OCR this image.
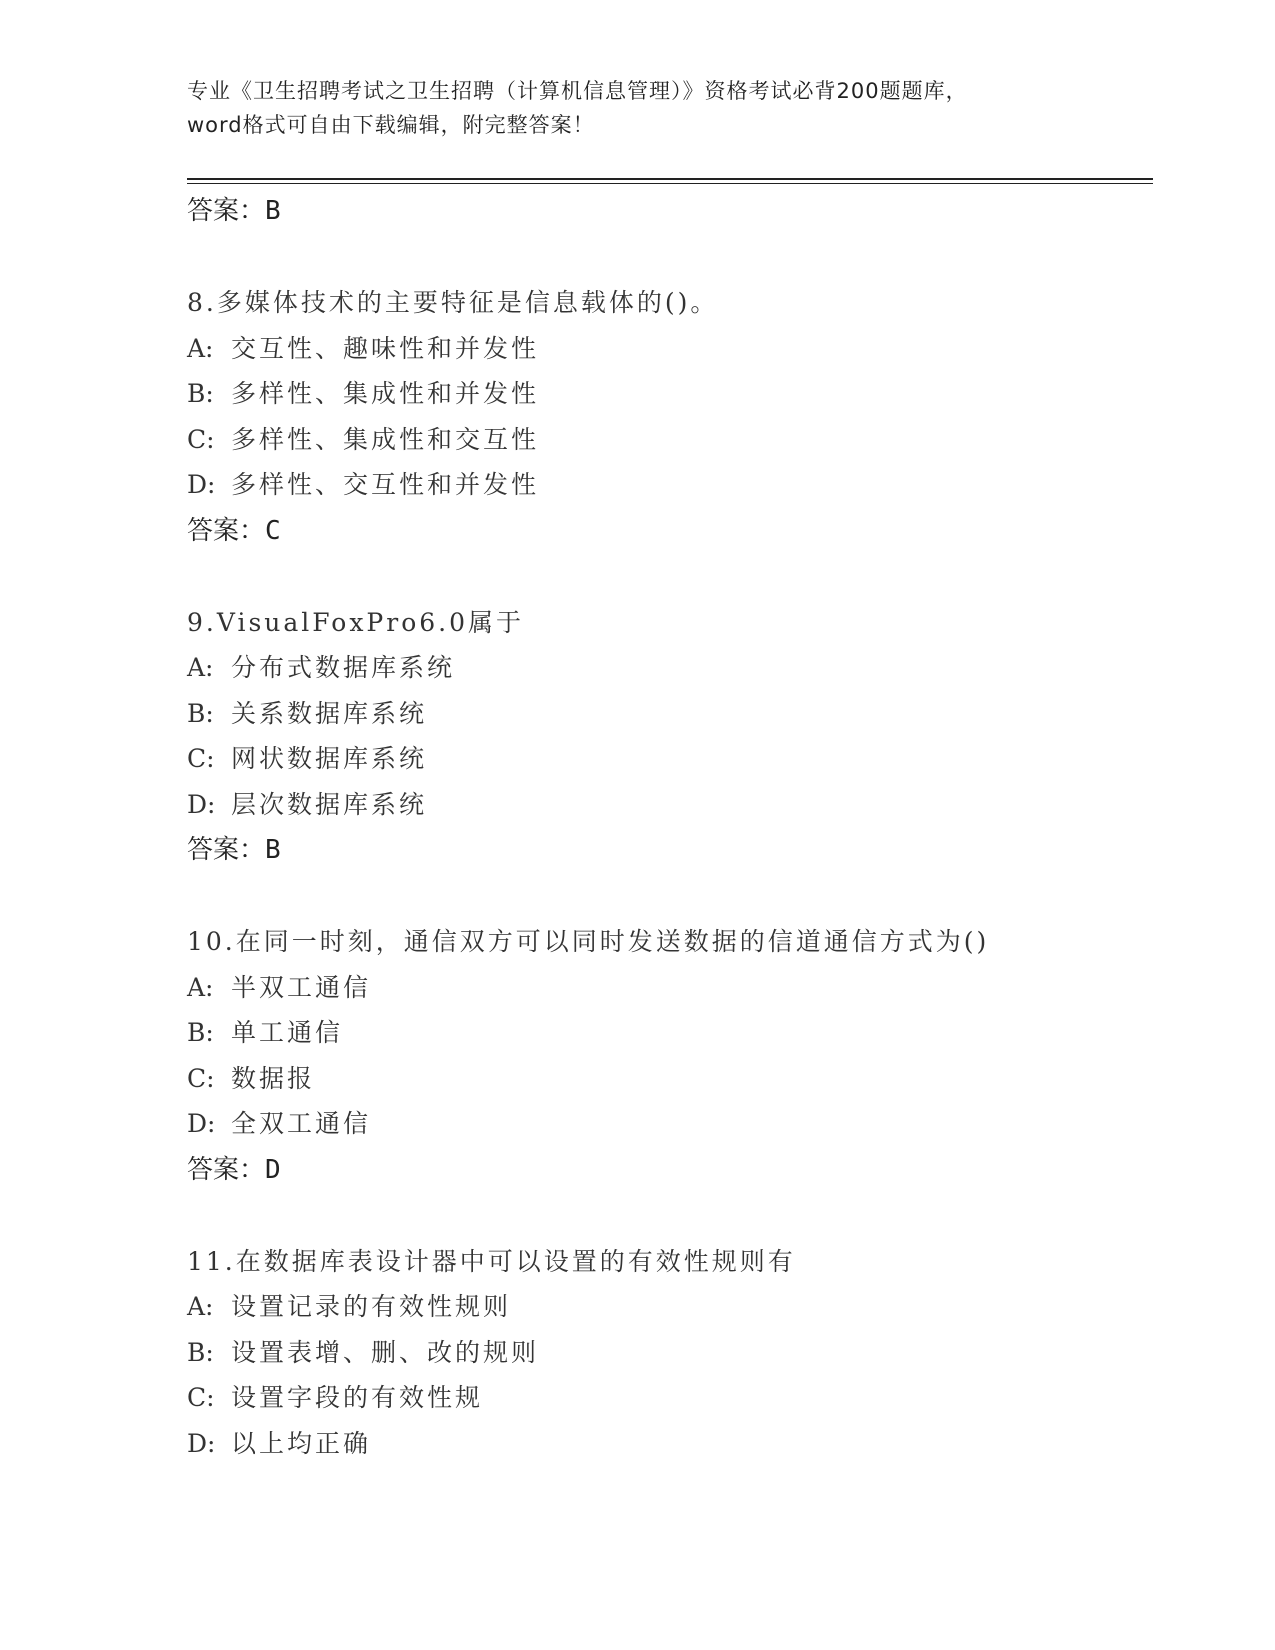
专业《卫生招聘考试之卫生招聘（计算机信息管理）》资格考试必背200题题库，
word格式可自由下载编辑，附完整答案！
答案：B
8.多媒体技术的主要特征是信息载体的()。
A: 交互性、趣味性和并发性
B: 多样性、集成性和并发性
C: 多样性、集成性和交互性
D: 多样性、交互性和并发性
答案：C
9.VisualFoxPro6.0属于
A: 分布式数据库系统
B: 关系数据库系统
C: 网状数据库系统
D: 层次数据库系统
答案：B
10.在同一时刻，通信双方可以同时发送数据的信道通信方式为()
A: 半双工通信
B: 单工通信
C: 数据报
D: 全双工通信
答案：D
11.在数据库表设计器中可以设置的有效性规则有
A: 设置记录的有效性规则
B: 设置表增、删、改的规则
C: 设置字段的有效性规
D: 以上均正确
